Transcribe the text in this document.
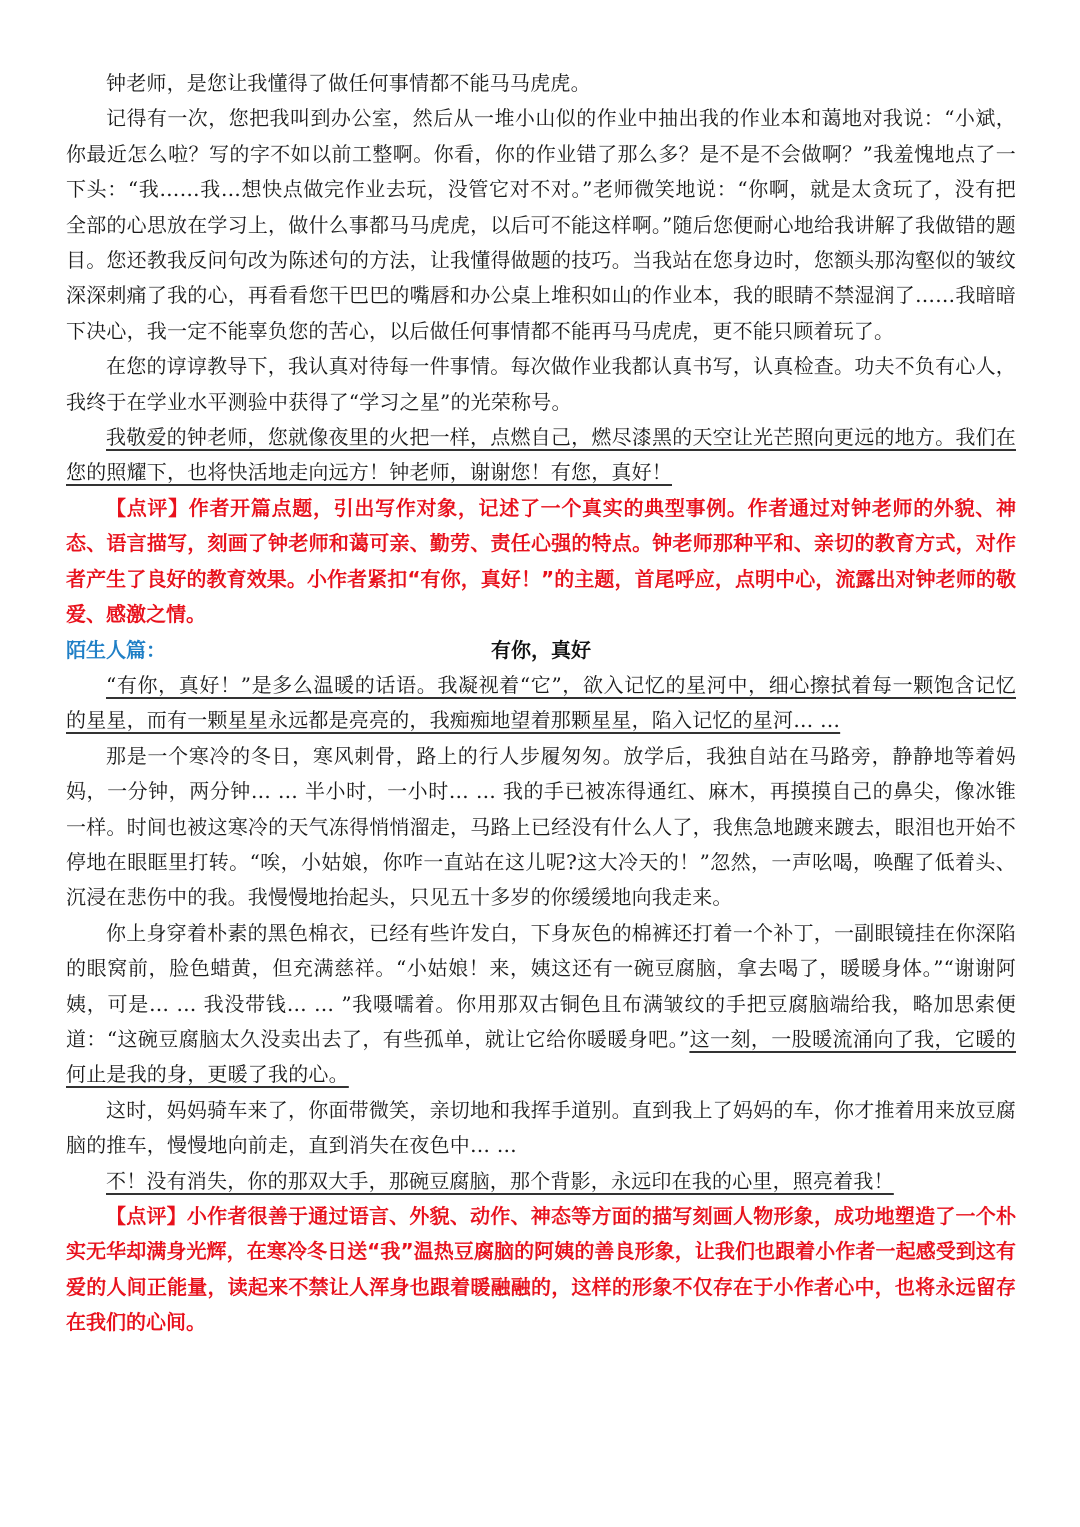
钟老师，是您让我懂得了做任何事情都不能马马虎虎。

记得有一次，您把我叫到办公室，然后从一堆小山似的作业中抽出我的作业本和蔼地对我说：“小斌，你最近怎么啦？写的字不如以前工整啊。你看，你的作业错了那么多？是不是不会做啊？”我羞愧地点了一下头：“我……我…想快点做完作业去玩，没管它对不对。”老师微笑地说：“你啊，就是太贪玩了，没有把全部的心思放在学习上，做什么事都马马虎虎，以后可不能这样啊。”随后您便耐心地给我讲解了我做错的题目。您还教我反问句改为陈述句的方法，让我懂得做题的技巧。当我站在您身边时，您额头那沟壑似的皱纹深深刺痛了我的心，再看看您干巴巴的嘴唇和办公桌上堆积如山的作业本，我的眼睛不禁湿润了……我暗暗下决心，我一定不能辜负您的苦心，以后做任何事情都不能再马马虎虎，更不能只顾着玩了。

在您的谆谆教导下，我认真对待每一件事情。每次做作业我都认真书写，认真检查。功夫不负有心人，我终于在学业水平测验中获得了“学习之星”的光荣称号。

我敬爱的钟老师，您就像夜里的火把一样，点燃自己，燃尽漆黑的天空让光芒照向更远的地方。我们在您的照耀下，也将快活地走向远方！钟老师，谢谢您！有您，真好！

【点评】作者开篇点题，引出写作对象，记述了一个真实的典型事例。作者通过对钟老师的外貌、神态、语言描写，刻画了钟老师和蔼可亲、勤劳、责任心强的特点。钟老师那种平和、亲切的教育方式，对作者产生了良好的教育效果。小作者紧扣“有你，真好！”的主题，首尾呼应，点明中心，流露出对钟老师的敬爱、感激之情。

陌生人篇：	有你，真好

“有你，真好！”是多么温暖的话语。我凝视着“它”，欲入记忆的星河中，细心擦拭着每一颗饱含记忆的星星，而有一颗星星永远都是亮亮的，我痴痴地望着那颗星星，陷入记忆的星河… …

那是一个寒冷的冬日，寒风刺骨，路上的行人步履匆匆。放学后，我独自站在马路旁，静静地等着妈妈，一分钟，两分钟… … 半小时，一小时… … 我的手已被冻得通红、麻木，再摸摸自己的鼻尖，像冰锥一样。时间也被这寒冷的天气冻得悄悄溜走，马路上已经没有什么人了，我焦急地踱来踱去，眼泪也开始不停地在眼眶里打转。“唉，小姑娘，你咋一直站在这儿呢?这大冷天的！”忽然，一声吆喝，唤醒了低着头、沉浸在悲伤中的我。我慢慢地抬起头，只见五十多岁的你缓缓地向我走来。

你上身穿着朴素的黑色棉衣，已经有些许发白，下身灰色的棉裤还打着一个补丁，一副眼镜挂在你深陷的眼窝前，脸色蜡黄，但充满慈祥。“小姑娘！来，姨这还有一碗豆腐脑，拿去喝了，暖暖身体。”“谢谢阿姨，可是… … 我没带钱… … ”我嗫嚅着。你用那双古铜色且布满皱纹的手把豆腐脑端给我，略加思索便道：“这碗豆腐脑太久没卖出去了，有些孤单，就让它给你暖暖身吧。”这一刻，一股暖流涌向了我，它暖的何止是我的身，更暖了我的心。

这时，妈妈骑车来了，你面带微笑，亲切地和我挥手道别。直到我上了妈妈的车，你才推着用来放豆腐脑的推车，慢慢地向前走，直到消失在夜色中… …

不！没有消失，你的那双大手，那碗豆腐脑，那个背影，永远印在我的心里，照亮着我！

【点评】小作者很善于通过语言、外貌、动作、神态等方面的描写刻画人物形象，成功地塑造了一个朴实无华却满身光辉，在寒冷冬日送“我”温热豆腐脑的阿姨的善良形象，让我们也跟着小作者一起感受到这有爱的人间正能量，读起来不禁让人浑身也跟着暖融融的，这样的形象不仅存在于小作者心中，也将永远留存在我们的心间。
